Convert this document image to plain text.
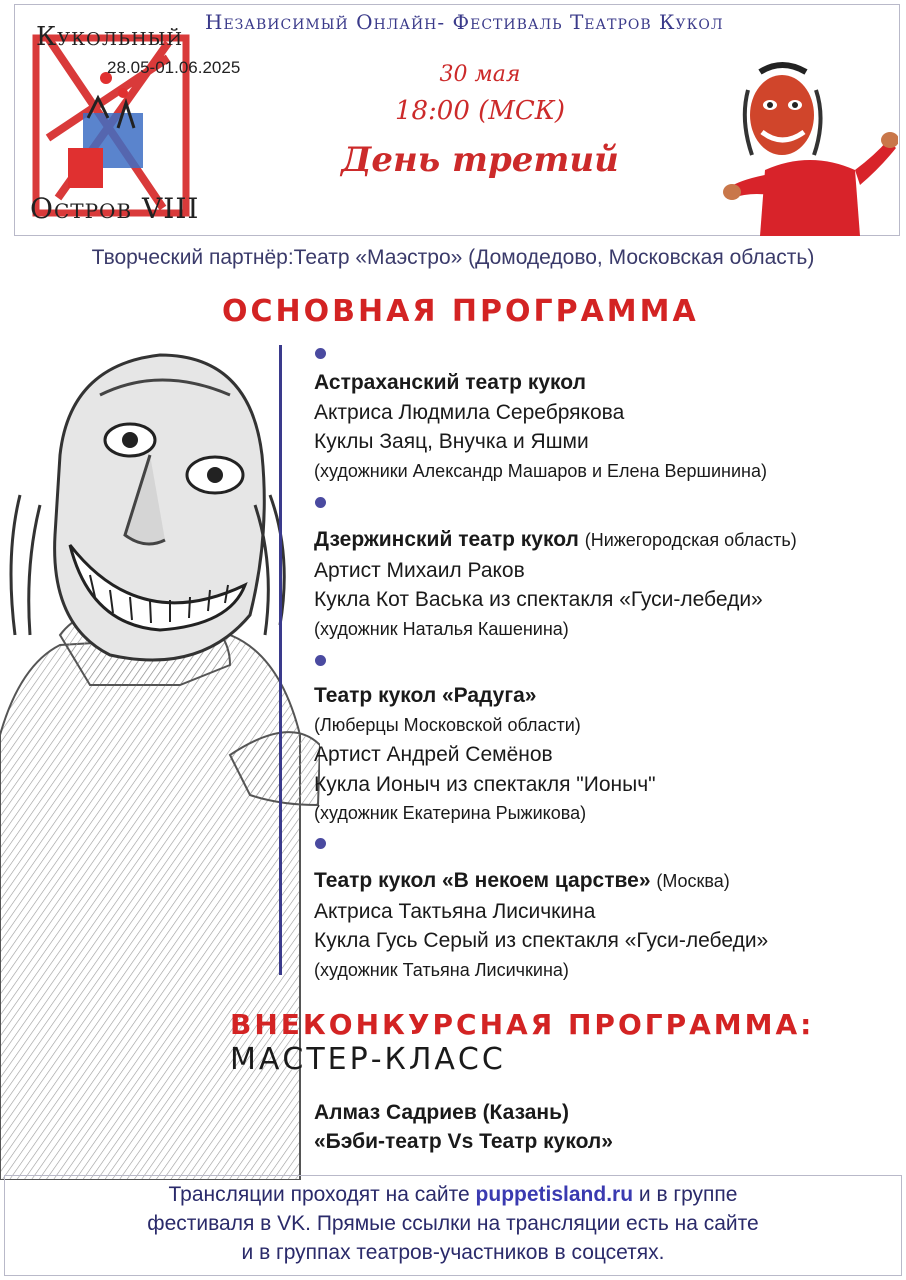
Кукольный
28.05-01.06.2025
Остров VIII
Независимый Онлайн- Фестиваль Театров Кукол
30 мая
18:00 (МСК)
День третий
Творческий партнёр:Театр «Маэстро» (Домодедово, Московская область)
ОСНОВНАЯ ПРОГРАММА
Астраханский театр кукол
Актриса Людмила Серебрякова
Куклы Заяц, Внучка и Яшми
(художники Александр Машаров и Елена Вершинина)
Дзержинский театр кукол (Нижегородская область)
Артист Михаил Раков
Кукла Кот Васька из спектакля «Гуси-лебеди»
(художник Наталья Кашенина)
Театр кукол «Радуга»
(Люберцы Московской области)
Артист Андрей Семёнов
Кукла Ионыч из спектакля "Ионыч"
(художник Екатерина Рыжикова)
Театр кукол «В некоем царстве» (Москва)
Актриса Тактьяна Лисичкина
Кукла Гусь Серый из спектакля «Гуси-лебеди»
(художник Татьяна Лисичкина)
ВНЕКОНКУРСНАЯ ПРОГРАММА:
МАСТЕР-КЛАСС
Алмаз Садриев (Казань)
«Бэби-театр Vs Театр кукол»
Трансляции проходят на сайте puppetisland.ru и в группе
фестиваля в VK. Прямые ссылки на трансляции есть на сайте
и в группах театров-участников в соцсетях.
